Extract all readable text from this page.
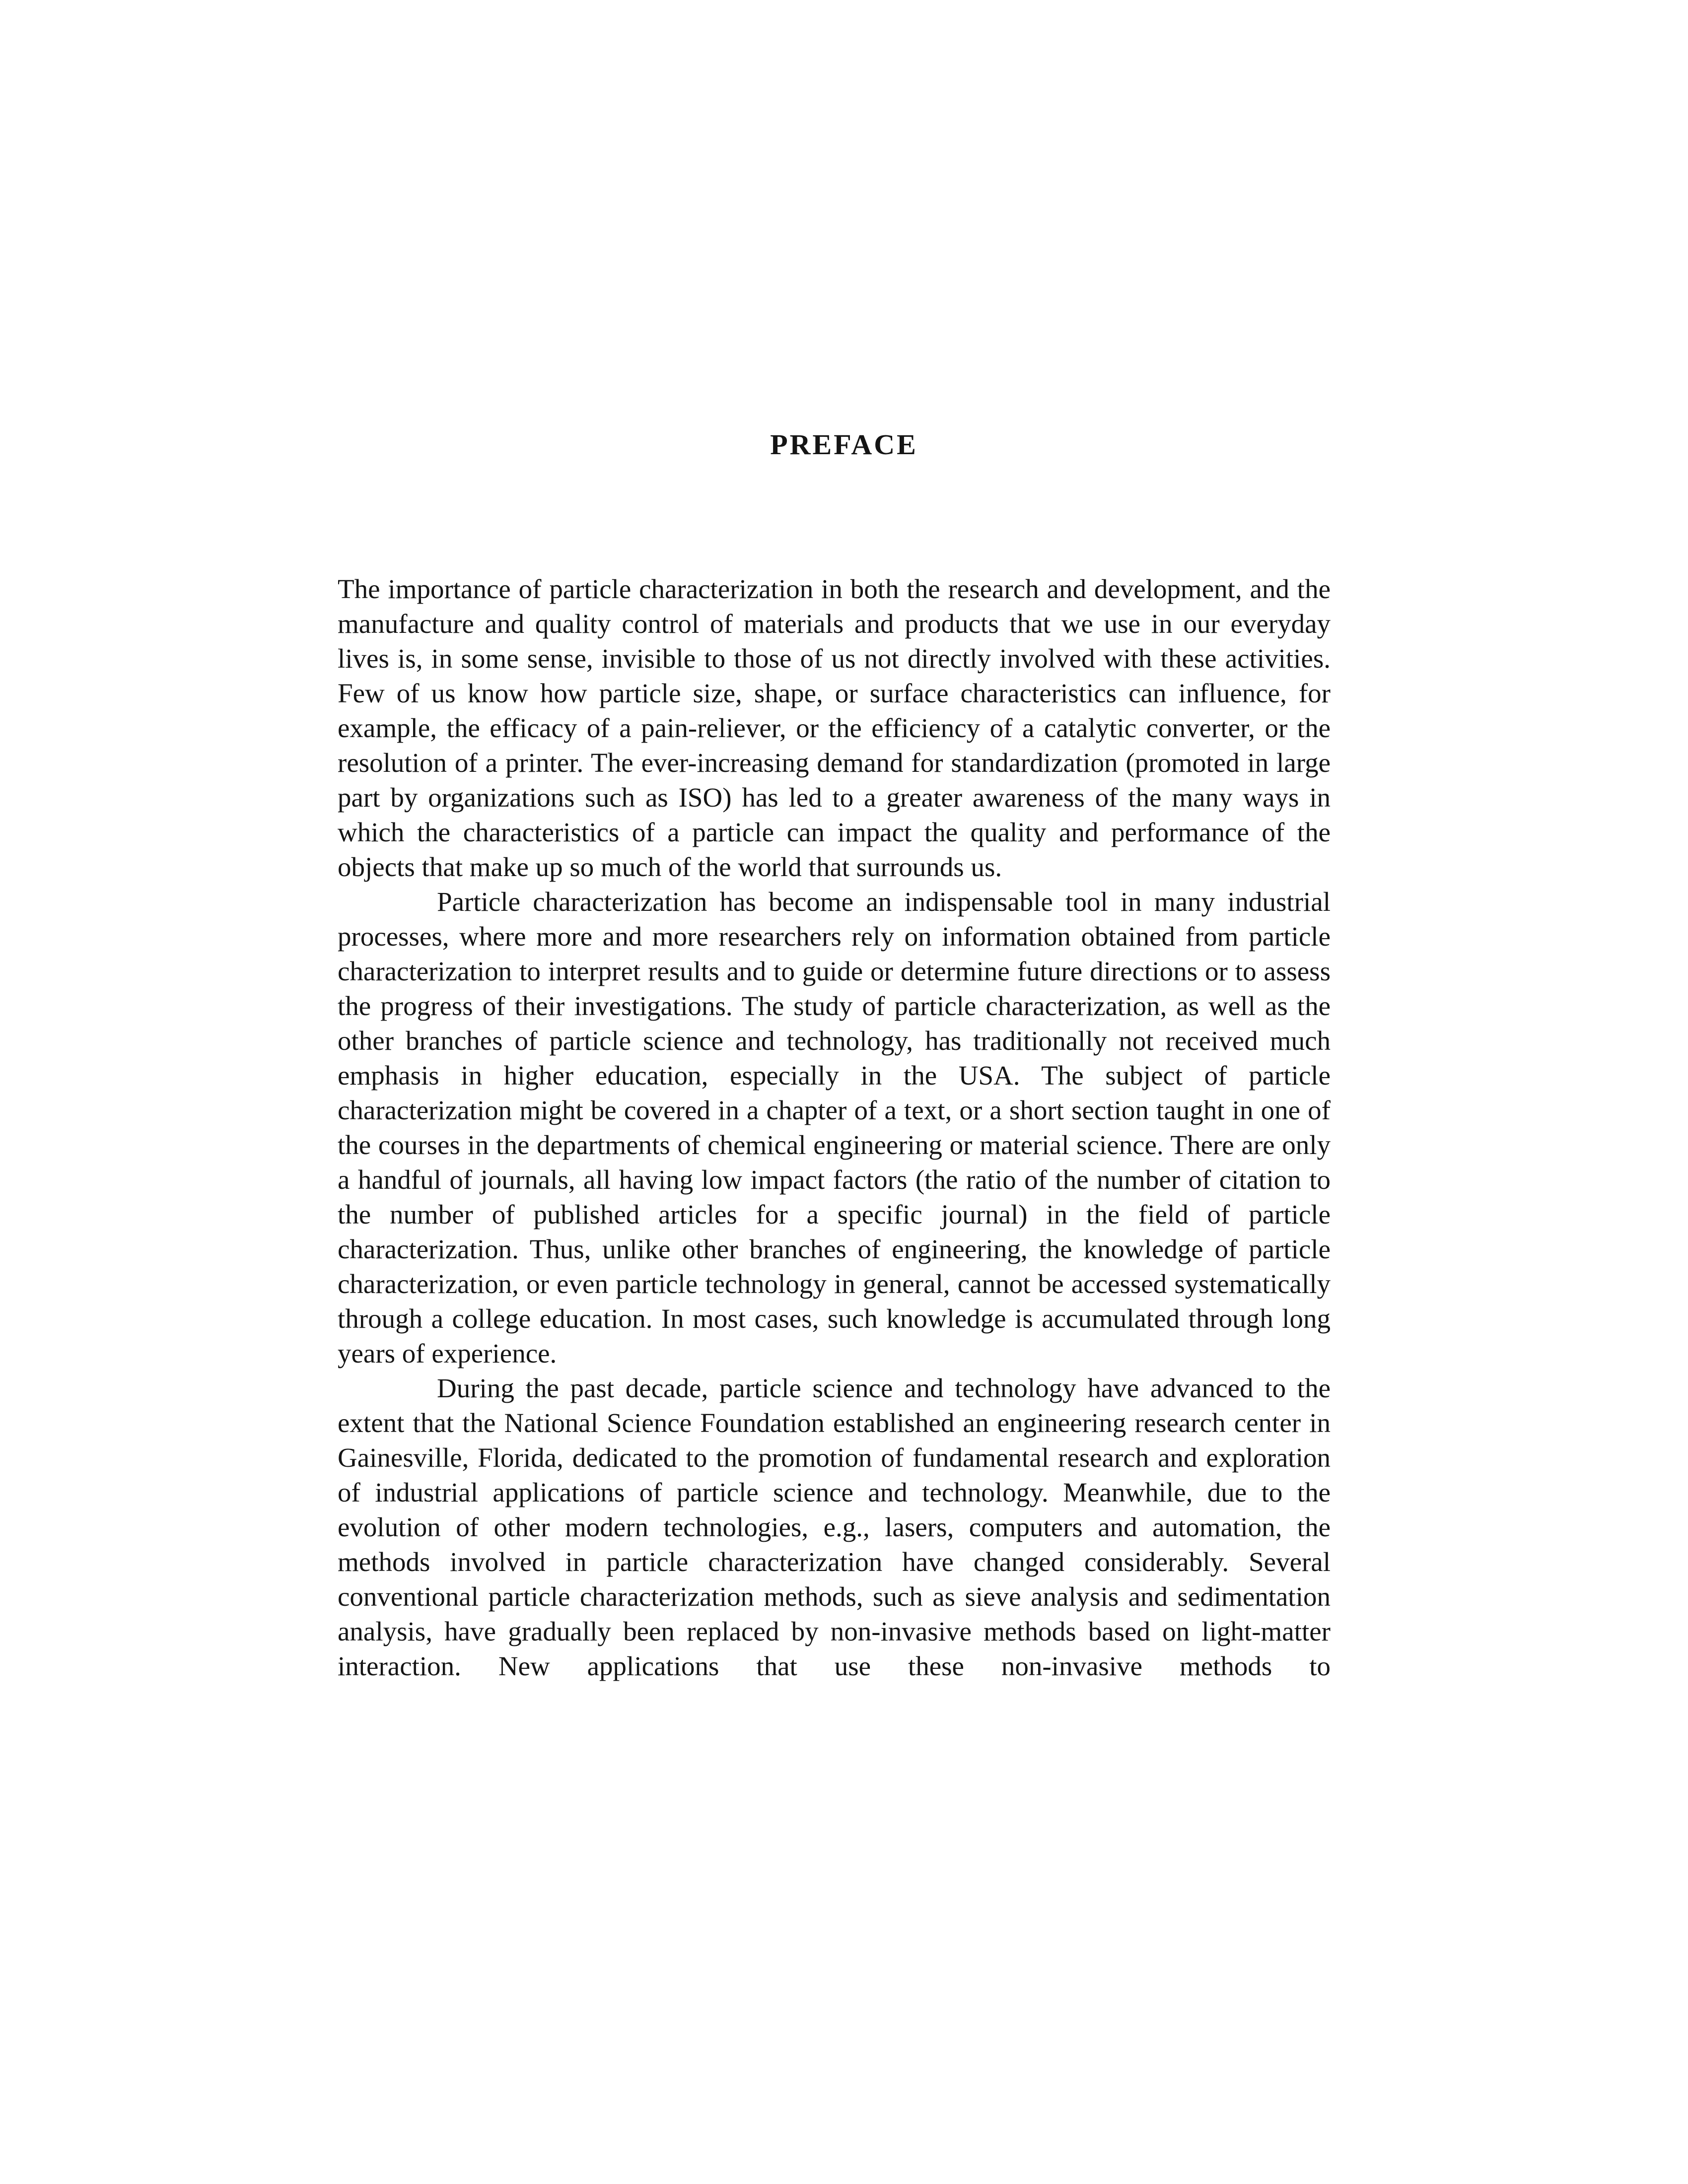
PREFACE

The importance of particle characterization in both the research and development, and the manufacture and quality control of materials and products that we use in our everyday lives is, in some sense, invisible to those of us not directly involved with these activities. Few of us know how particle size, shape, or surface characteristics can influence, for example, the efficacy of a pain-reliever, or the efficiency of a catalytic converter, or the resolution of a printer. The ever-increasing demand for standardization (promoted in large part by organizations such as ISO) has led to a greater awareness of the many ways in which the characteristics of a particle can impact the quality and performance of the objects that make up so much of the world that surrounds us.

Particle characterization has become an indispensable tool in many industrial processes, where more and more researchers rely on information obtained from particle characterization to interpret results and to guide or determine future directions or to assess the progress of their investigations. The study of particle characterization, as well as the other branches of particle science and technology, has traditionally not received much emphasis in higher education, especially in the USA. The subject of particle characterization might be covered in a chapter of a text, or a short section taught in one of the courses in the departments of chemical engineering or material science. There are only a handful of journals, all having low impact factors (the ratio of the number of citation to the number of published articles for a specific journal) in the field of particle characterization. Thus, unlike other branches of engineering, the knowledge of particle characterization, or even particle technology in general, cannot be accessed systematically through a college education. In most cases, such knowledge is accumulated through long years of experience.

During the past decade, particle science and technology have advanced to the extent that the National Science Foundation established an engineering research center in Gainesville, Florida, dedicated to the promotion of fundamental research and exploration of industrial applications of particle science and technology. Meanwhile, due to the evolution of other modern technologies, e.g., lasers, computers and automation, the methods involved in particle characterization have changed considerably. Several conventional particle characterization methods, such as sieve analysis and sedimentation analysis, have gradually been replaced by non-invasive methods based on light-matter interaction. New applications that use these non-invasive methods to
